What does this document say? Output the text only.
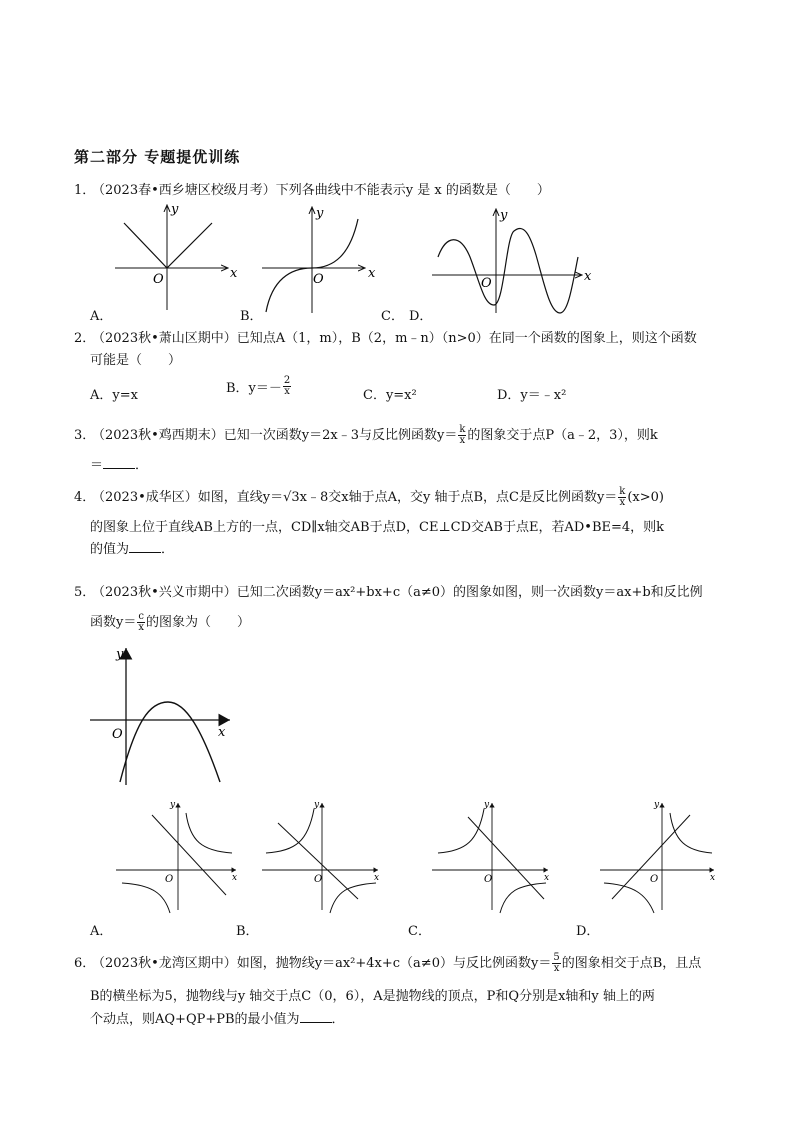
第二部分 专题提优训练
1．（2023春•西乡塘区校级月考）下列各曲线中不能表示y 是 x 的函数是（　　）
x
y
O	x
y
O	x
y
O
A．	B．	C． D．
2．（2023秋•萧山区期中）已知点A（1，m），B（2，m﹣n）（n>0）在同一个函数的图象上，则这个函数
可能是（　　）
A．y=x	B．$y=- \frac{2}{x}$	C．y=x²	D．y＝﹣x²
3．（2023秋•鸡西期末）已知一次函数y＝2x﹣3与反比例函数$y= \frac{k}{x}$ 的图象交于点P（a﹣2，3），则k
＝ ．
4．（2023•成华区）如图，直线y＝√3x﹣8交x轴于点A，交y 轴于点B，点C是反比例函数$y= \frac{k}{x} (x>0)$
的图象上位于直线AB上方的一点，CD∥x轴交AB于点D，CE⊥CD交AB于点E，若AD•BE=4，则k
的值为 ．
5．（2023秋•兴义市期中）已知二次函数y＝ax²+bx+c（a≠0）的图象如图，则一次函数y＝ax+b和反比例
函数$y= \frac{c}{x}$ 的图象为（　　）
x
y
O
x
y
O	x
y
O	x
y
O	x
y
O
A．	B．	C．	D．
6．（2023秋•龙湾区期中）如图，抛物线y＝ax²+4x+c（a≠0）与反比例函数$y= \frac{5}{x}$ 的图象相交于点B，且点
B的横坐标为5，抛物线与y 轴交于点C（0，6），A是抛物线的顶点，P和Q分别是x轴和y 轴上的两
个动点，则AQ+QP+PB的最小值为 ．
